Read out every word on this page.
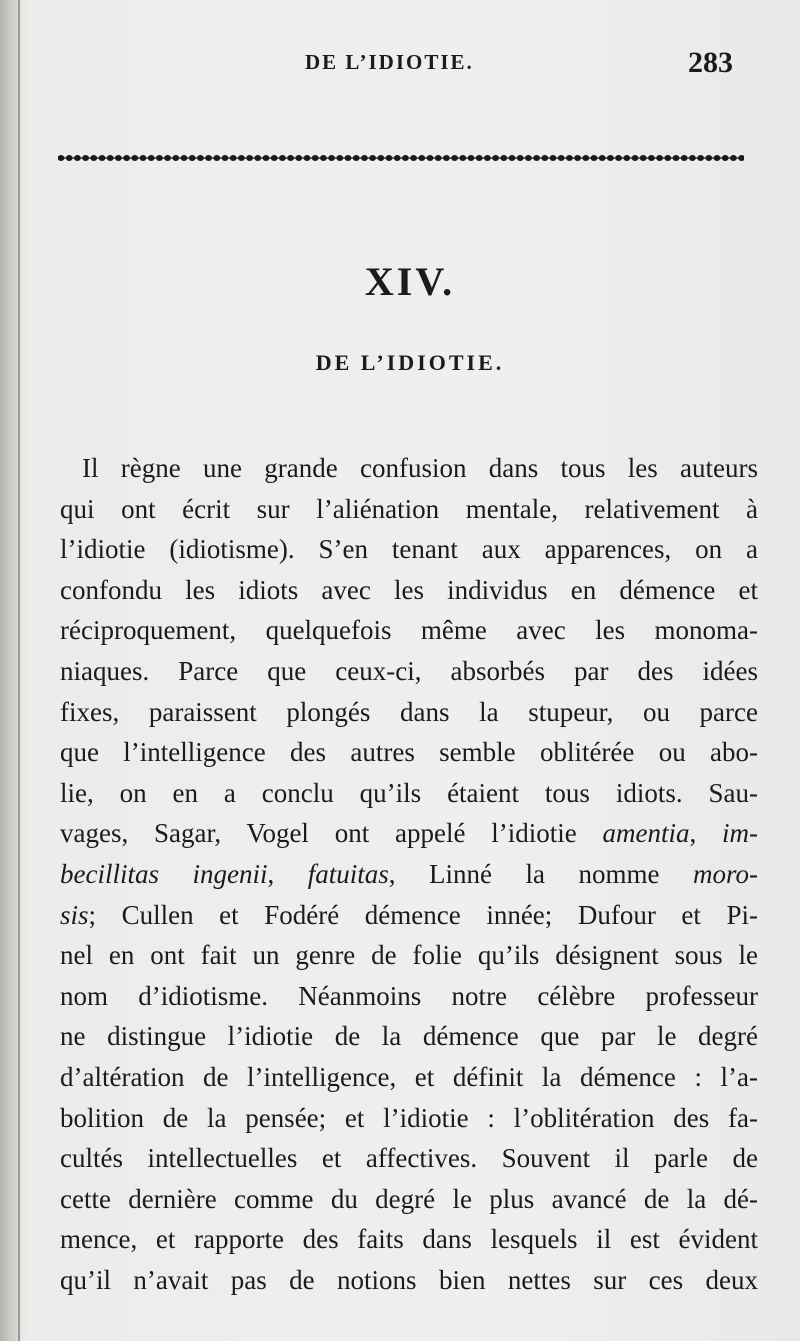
DE L’IDIOTIE.	283
XIV.
DE L’IDIOTIE.
Il règne une grande confusion dans tous les auteurs
qui ont écrit sur l’aliénation mentale, relativement à
l’idiotie (idiotisme). S’en tenant aux apparences, on a
confondu les idiots avec les individus en démence et
réciproquement, quelquefois même avec les monoma-
niaques. Parce que ceux-ci, absorbés par des idées
fixes, paraissent plongés dans la stupeur, ou parce
que l’intelligence des autres semble oblitérée ou abo-
lie, on en a conclu qu’ils étaient tous idiots. Sau-
vages, Sagar, Vogel ont appelé l’idiotie amentia, im-
becillitas ingenii, fatuitas, Linné la nomme moro-
sis; Cullen et Fodéré démence innée; Dufour et Pi-
nel en ont fait un genre de folie qu’ils désignent sous le
nom d’idiotisme. Néanmoins notre célèbre professeur
ne distingue l’idiotie de la démence que par le degré
d’altération de l’intelligence, et définit la démence : l’a-
bolition de la pensée; et l’idiotie : l’oblitération des fa-
cultés intellectuelles et affectives. Souvent il parle de
cette dernière comme du degré le plus avancé de la dé-
mence, et rapporte des faits dans lesquels il est évident
qu’il n’avait pas de notions bien nettes sur ces deux
